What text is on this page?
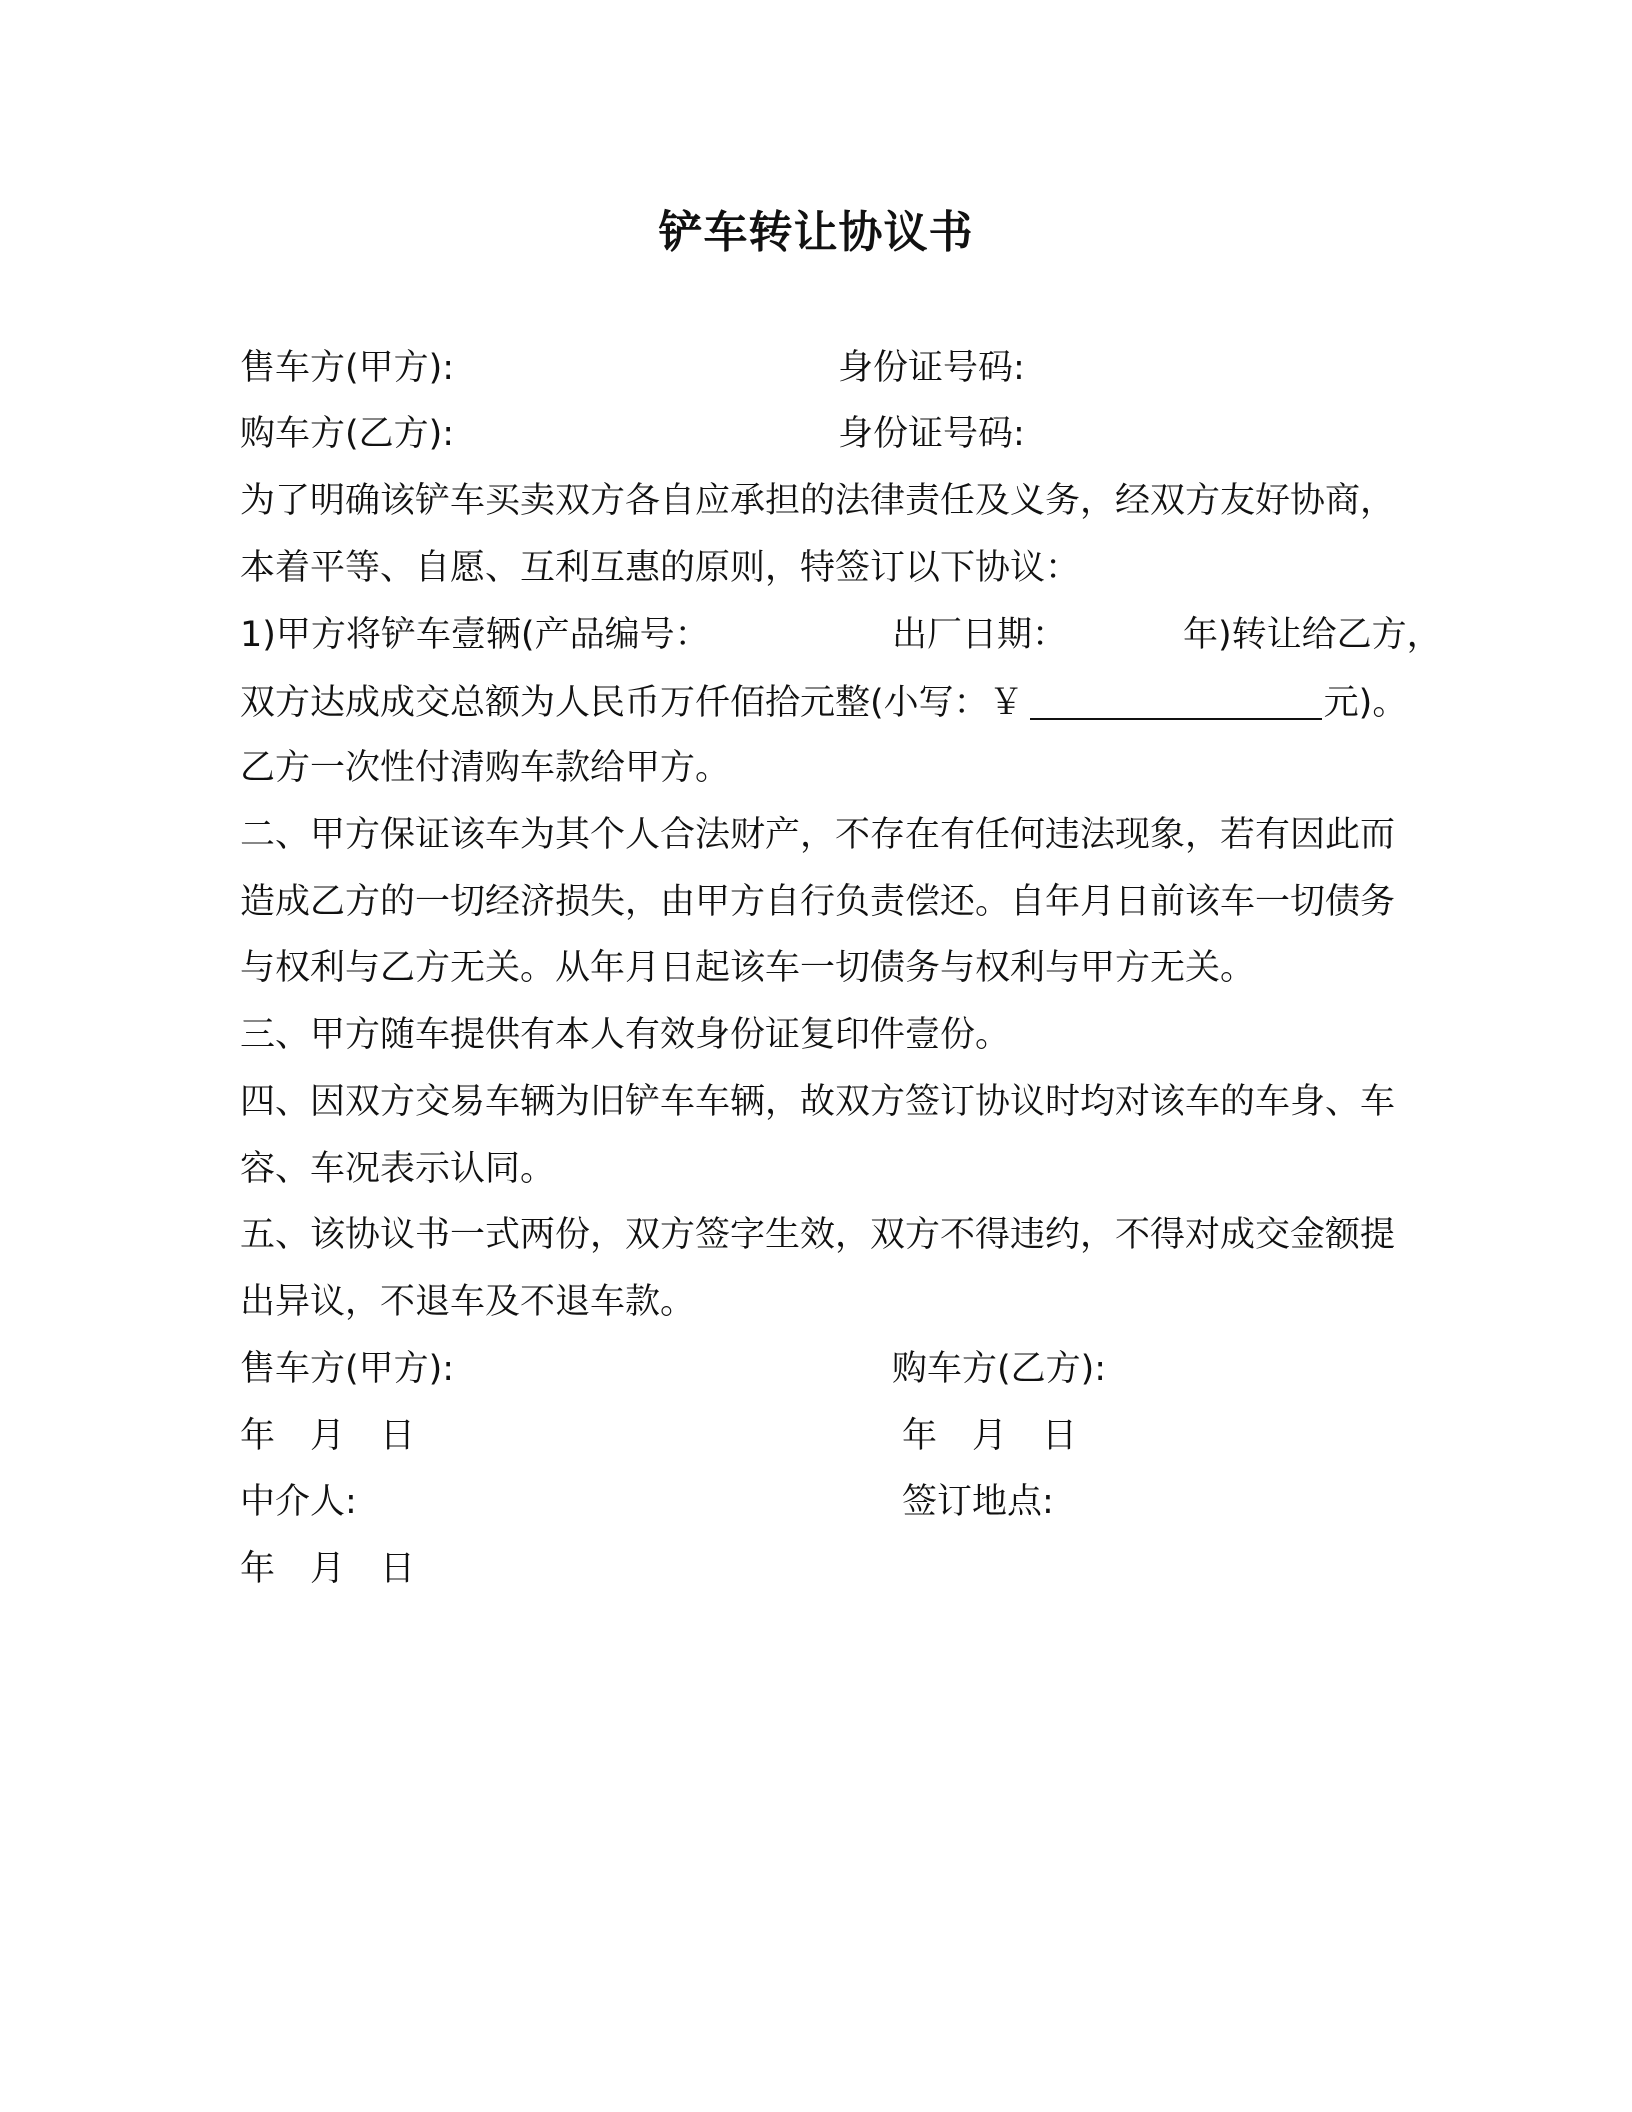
铲车转让协议书
售车方(甲方):	身份证号码:
购车方(乙方):	身份证号码:
为了明确该铲车买卖双方各自应承担的法律责任及义务，经双方友好协商，
本着平等、自愿、互利互惠的原则，特签订以下协议：
1)甲方将铲车壹辆(产品编号：	出厂日期：	年)转让给乙方，
双方达成成交总额为人民币万仟佰拾元整(小写：￥	元)。
乙方一次性付清购车款给甲方。
二、甲方保证该车为其个人合法财产，不存在有任何违法现象，若有因此而
造成乙方的一切经济损失，由甲方自行负责偿还。自年月日前该车一切债务
与权利与乙方无关。从年月日起该车一切债务与权利与甲方无关。
三、甲方随车提供有本人有效身份证复印件壹份。
四、因双方交易车辆为旧铲车车辆，故双方签订协议时均对该车的车身、车
容、车况表示认同。
五、该协议书一式两份，双方签字生效，双方不得违约，不得对成交金额提
出异议，不退车及不退车款。
售车方(甲方):	购车方(乙方):
年　月　日	年　月　日
中介人:	签订地点:
年　月　日
